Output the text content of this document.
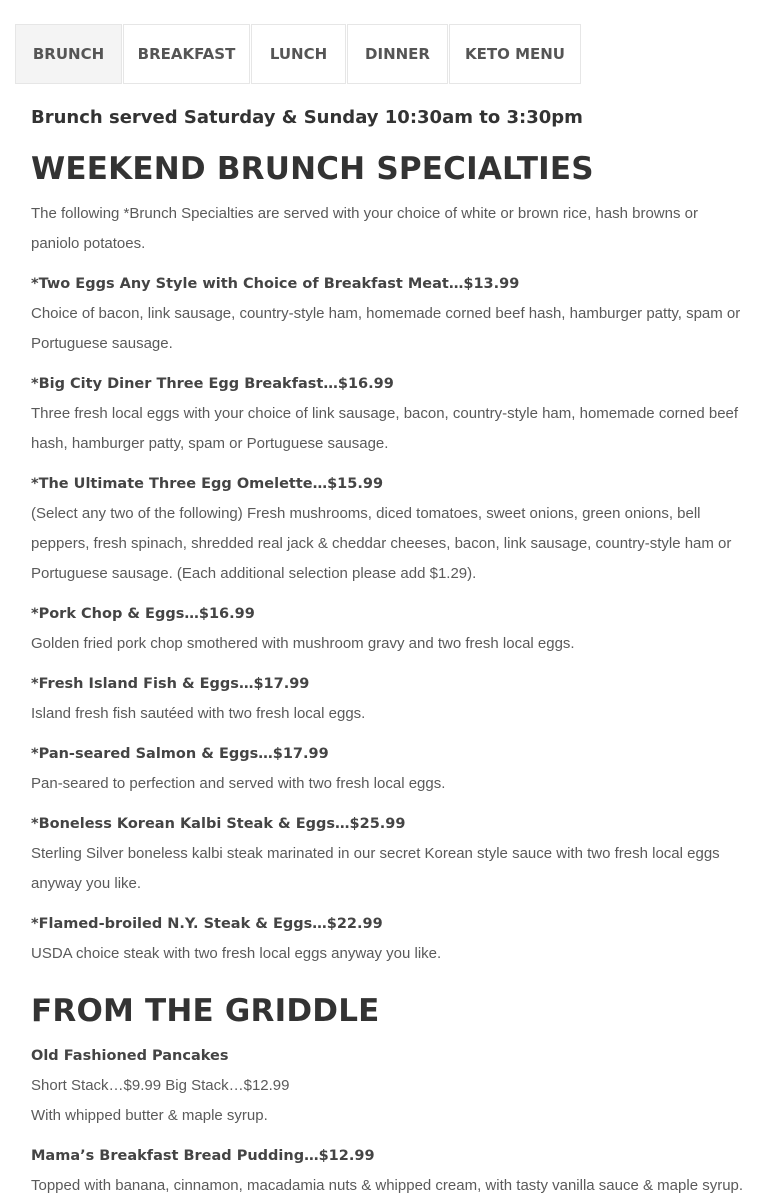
BRUNCH	BREAKFAST	LUNCH	DINNER	KETO MENU

Brunch served Saturday & Sunday 10:30am to 3:30pm

WEEKEND BRUNCH SPECIALTIES

The following *Brunch Specialties are served with your choice of white or brown rice, hash browns or paniolo potatoes.

*Two Eggs Any Style with Choice of Breakfast Meat…$13.99

Choice of bacon, link sausage, country-style ham, homemade corned beef hash, hamburger patty, spam or Portuguese sausage.

*Big City Diner Three Egg Breakfast…$16.99

Three fresh local eggs with your choice of link sausage, bacon, country-style ham, homemade corned beef hash, hamburger patty, spam or Portuguese sausage.

*The Ultimate Three Egg Omelette…$15.99

(Select any two of the following) Fresh mushrooms, diced tomatoes, sweet onions, green onions, bell peppers, fresh spinach, shredded real jack & cheddar cheeses, bacon, link sausage, country-style ham or Portuguese sausage. (Each additional selection please add $1.29).

*Pork Chop & Eggs…$16.99

Golden fried pork chop smothered with mushroom gravy and two fresh local eggs.

*Fresh Island Fish & Eggs…$17.99

Island fresh fish sautéed with two fresh local eggs.

*Pan-seared Salmon & Eggs…$17.99

Pan-seared to perfection and served with two fresh local eggs.

*Boneless Korean Kalbi Steak & Eggs…$25.99

Sterling Silver boneless kalbi steak marinated in our secret Korean style sauce with two fresh local eggs anyway you like.

*Flamed-broiled N.Y. Steak & Eggs…$22.99

USDA choice steak with two fresh local eggs anyway you like.

FROM THE GRIDDLE

Old Fashioned Pancakes

Short Stack…$9.99 Big Stack…$12.99

With whipped butter & maple syrup.

Mama’s Breakfast Bread Pudding…$12.99

Topped with banana, cinnamon, macadamia nuts & whipped cream, with tasty vanilla sauce & maple syrup.
